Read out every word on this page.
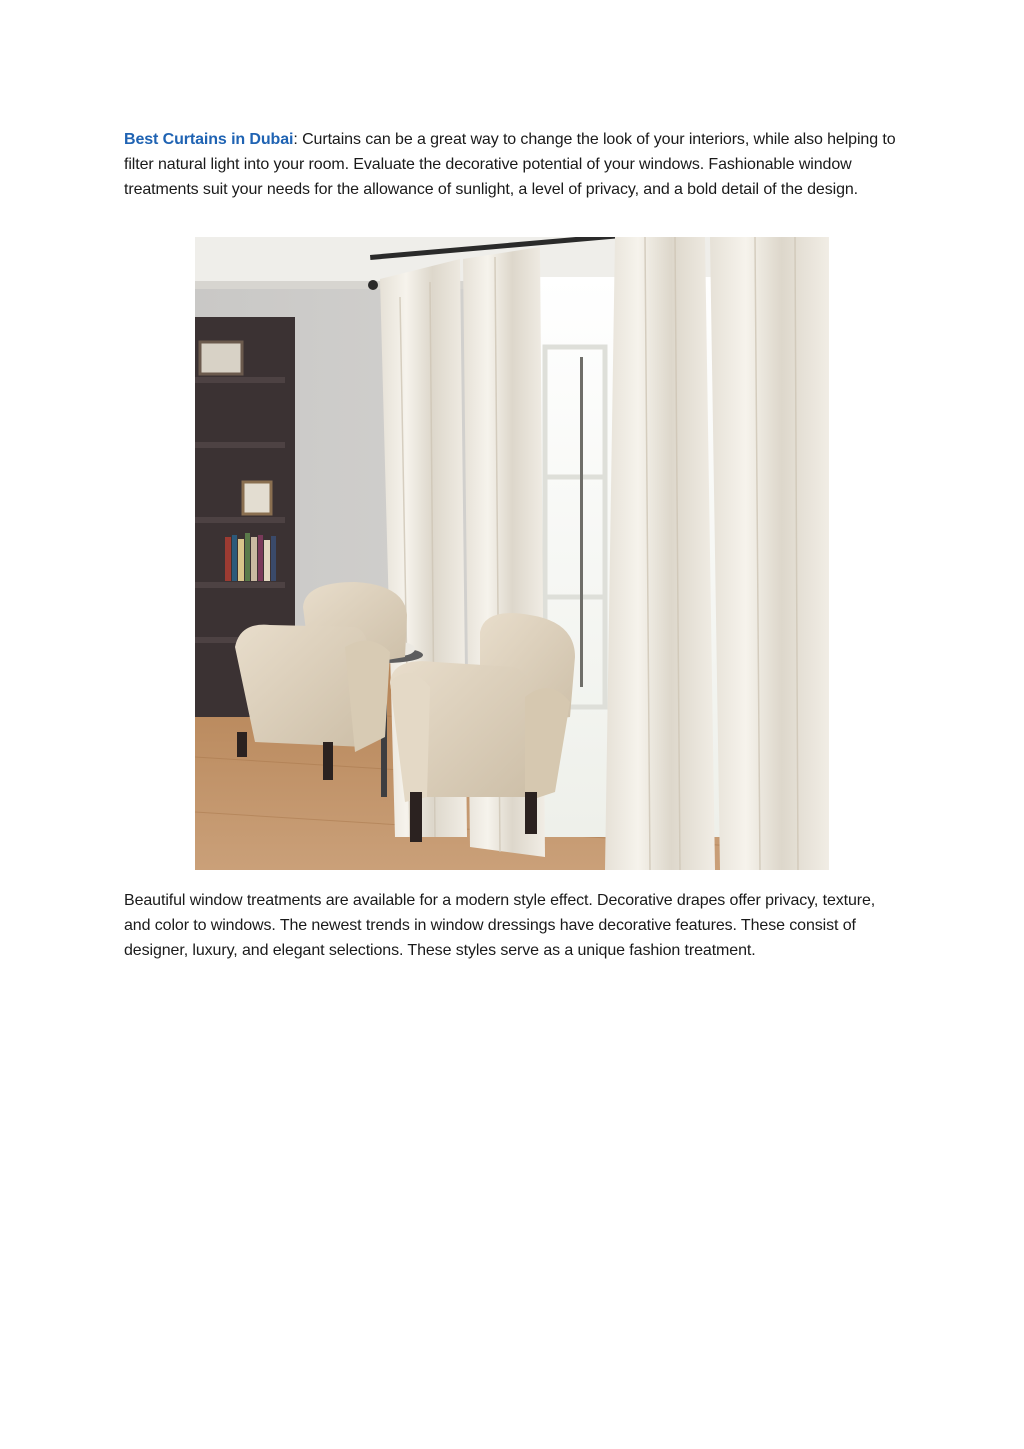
Best Curtains in Dubai: Curtains can be a great way to change the look of your interiors, while also helping to filter natural light into your room. Evaluate the decorative potential of your windows. Fashionable window treatments suit your needs for the allowance of sunlight, a level of privacy, and a bold detail of the design.

Beautiful window treatments are available for a modern style effect. Decorative drapes offer privacy, texture, and color to windows. The newest trends in window dressings have decorative features. These consist of designer, luxury, and elegant selections. These styles serve as a unique fashion treatment.
